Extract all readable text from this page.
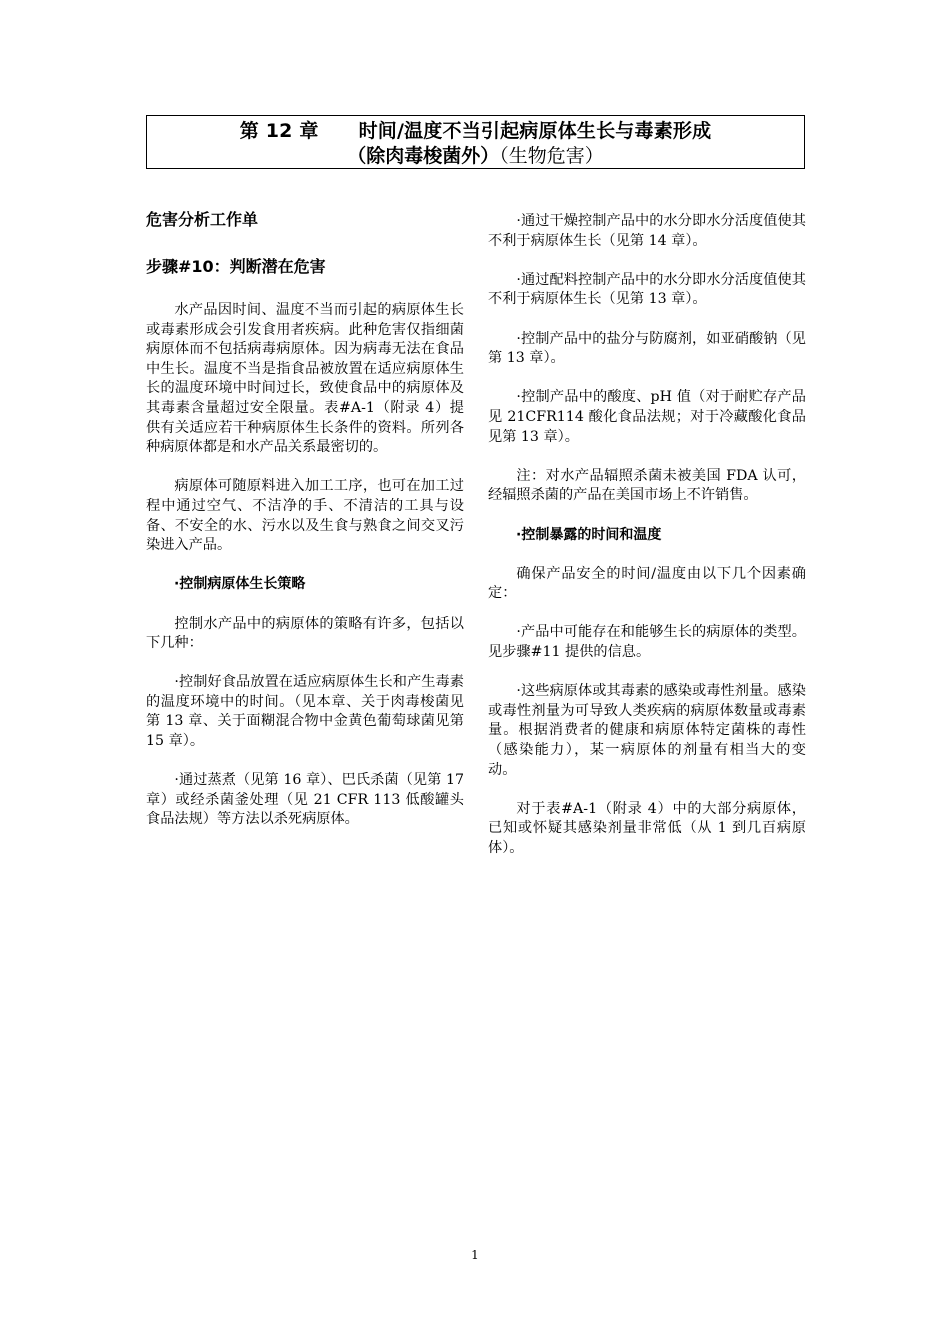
第 12 章 时间/温度不当引起病原体生长与毒素形成
（除肉毒梭菌外）（生物危害）
危害分析工作单
步骤#10：判断潜在危害

水产品因时间、温度不当而引起的病原体生长或毒素形成会引发食用者疾病。此种危害仅指细菌病原体而不包括病毒病原体。因为病毒无法在食品中生长。温度不当是指食品被放置在适应病原体生长的温度环境中时间过长，致使食品中的病原体及其毒素含量超过安全限量。表#A-1（附录 4）提供有关适应若干种病原体生长条件的资料。所列各种病原体都是和水产品关系最密切的。

病原体可随原料进入加工工序，也可在加工过程中通过空气、不洁净的手、不清洁的工具与设备、不安全的水、污水以及生食与熟食之间交叉污染进入产品。

·控制病原体生长策略

控制水产品中的病原体的策略有许多，包括以下几种：

·控制好食品放置在适应病原体生长和产生毒素的温度环境中的时间。（见本章、关于肉毒梭菌见第 13 章、关于面糊混合物中金黄色葡萄球菌见第 15 章）。

·通过蒸煮（见第 16 章）、巴氏杀菌（见第 17 章）或经杀菌釜处理（见 21 CFR 113 低酸罐头食品法规）等方法以杀死病原体。

·通过干燥控制产品中的水分即水分活度值使其不利于病原体生长（见第 14 章）。

·通过配料控制产品中的水分即水分活度值使其不利于病原体生长（见第 13 章）。

·控制产品中的盐分与防腐剂，如亚硝酸钠（见第 13 章）。

·控制产品中的酸度、pH 值（对于耐贮存产品 见 21CFR114 酸化食品法规；对于冷藏酸化食品 见第 13 章）。

注：对水产品辐照杀菌未被美国 FDA 认可，经辐照杀菌的产品在美国市场上不许销售。

·控制暴露的时间和温度

确保产品安全的时间/温度由以下几个因素确定：

·产品中可能存在和能够生长的病原体的类型。见步骤#11 提供的信息。

·这些病原体或其毒素的感染或毒性剂量。感染或毒性剂量为可导致人类疾病的病原体数量或毒素量。根据消费者的健康和病原体特定菌株的毒性（感染能力），某一病原体的剂量有相当大的变动。

对于表#A-1（附录 4）中的大部分病原体，已知或怀疑其感染剂量非常低（从 1 到几百病原体）。

1
